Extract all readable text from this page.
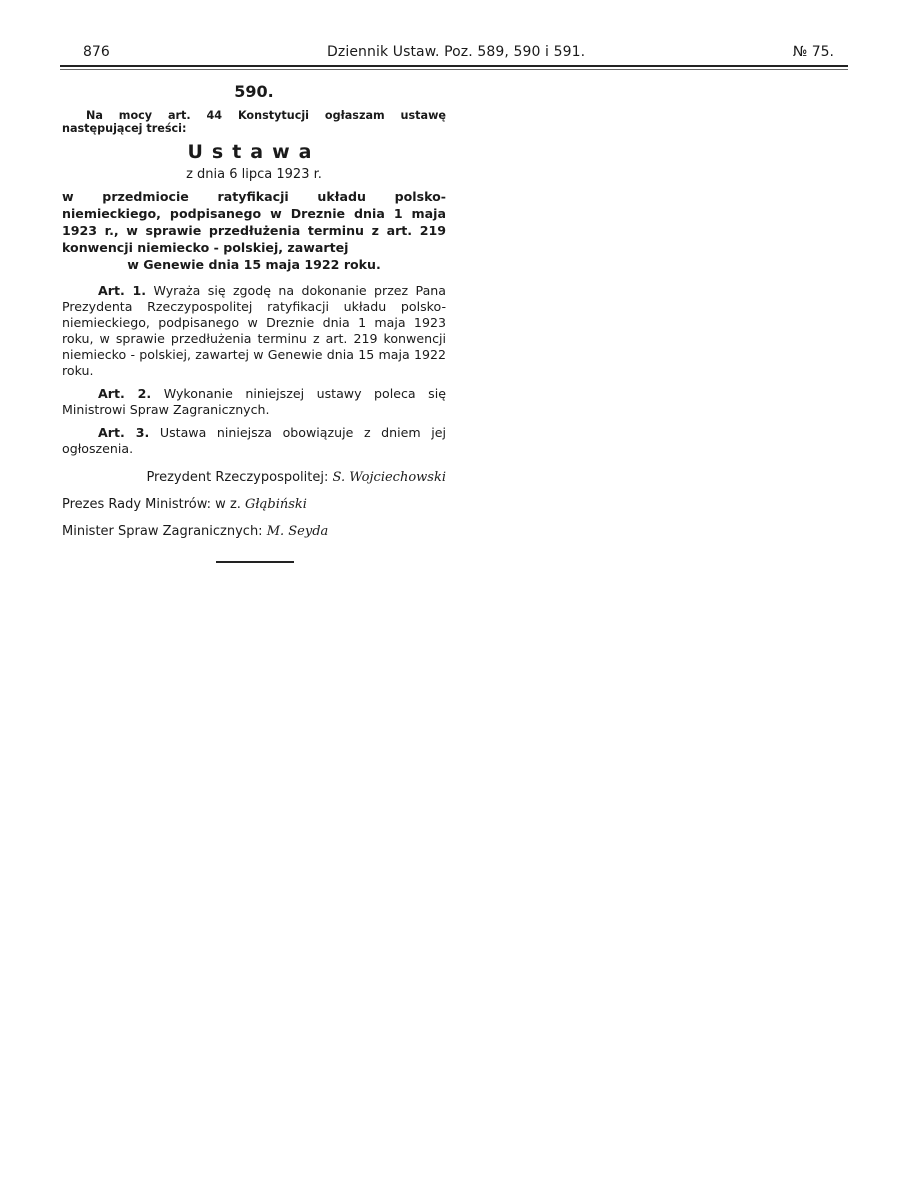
876	Dziennik Ustaw. Poz. 589, 590 i 591.	№ 75.
590.

Na mocy art. 44 Konstytucji ogłaszam ustawę następującej treści:

Ustawa
z dnia 6 lipca 1923 r.

w przedmiocie ratyfikacji układu polsko-niemieckiego, podpisanego w Dreznie dnia 1 maja 1923 r., w sprawie przedłużenia terminu z art. 219 konwencji niemiecko - polskiej, zawartej
w Genewie dnia 15 maja 1922 roku.

Art. 1. Wyraża się zgodę na dokonanie przez Pana Prezydenta Rzeczypospolitej ratyfikacji układu polsko-niemieckiego, podpisanego w Dreznie dnia 1 maja 1923 roku, w sprawie przedłużenia terminu z art. 219 konwencji niemiecko - polskiej, zawartej w Genewie dnia 15 maja 1922 roku.

Art. 2. Wykonanie niniejszej ustawy poleca się Ministrowi Spraw Zagranicznych.

Art. 3. Ustawa niniejsza obowiązuje z dniem jej ogłoszenia.

Prezydent Rzeczypospolitej: S. Wojciechowski
Prezes Rady Ministrów: w z. Głąbiński
Minister Spraw Zagranicznych: M. Seyda
